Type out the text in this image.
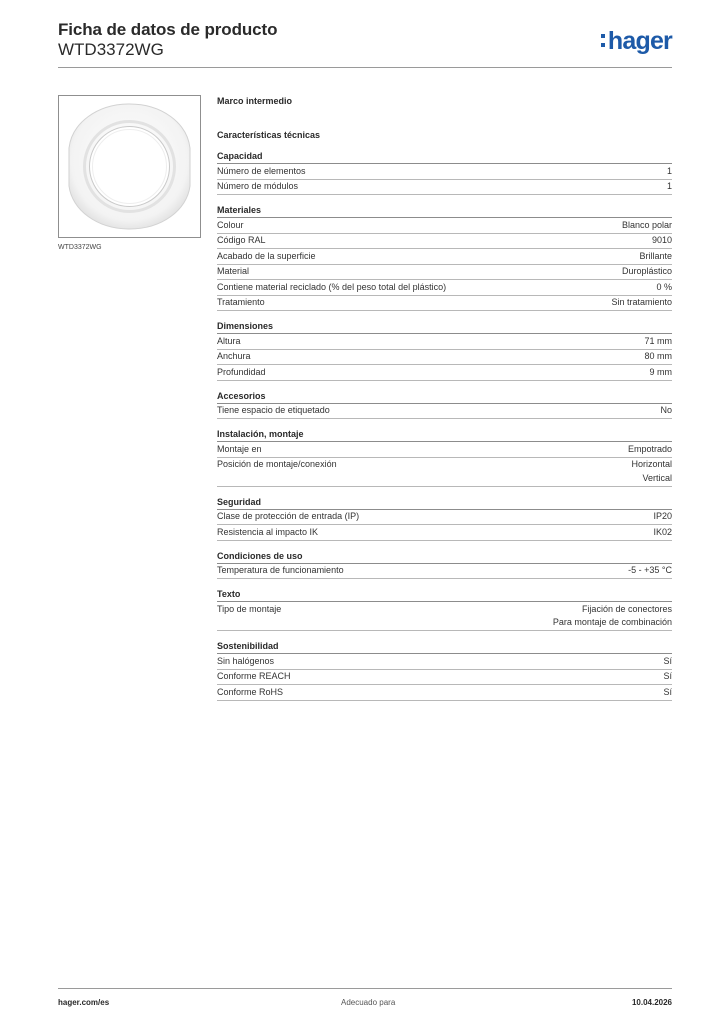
Ficha de datos de producto
WTD3372WG	hager
WTD3372WG
Marco intermedio
Características técnicas
Capacidad
Número de elementos	1
Número de módulos	1
Materiales
Colour	Blanco polar
Código RAL	9010
Acabado de la superficie	Brillante
Material	Duroplástico
Contiene material reciclado (% del peso total del plástico)	0 %
Tratamiento	Sin tratamiento
Dimensiones
Altura	71 mm
Anchura	80 mm
Profundidad	9 mm
Accesorios
Tiene espacio de etiquetado	No
Instalación, montaje
Montaje en	Empotrado
Posición de montaje/conexión	Horizontal
Vertical
Seguridad
Clase de protección de entrada (IP)	IP20
Resistencia al impacto IK	IK02
Condiciones de uso
Temperatura de funcionamiento	-5 - +35 °C
Texto
Tipo de montaje	Fijación de conectores
Para montaje de combinación
Sostenibilidad
Sin halógenos	Sí
Conforme REACH	Sí
Conforme RoHS	Sí
hager.com/es	Adecuado para	10.04.2026
